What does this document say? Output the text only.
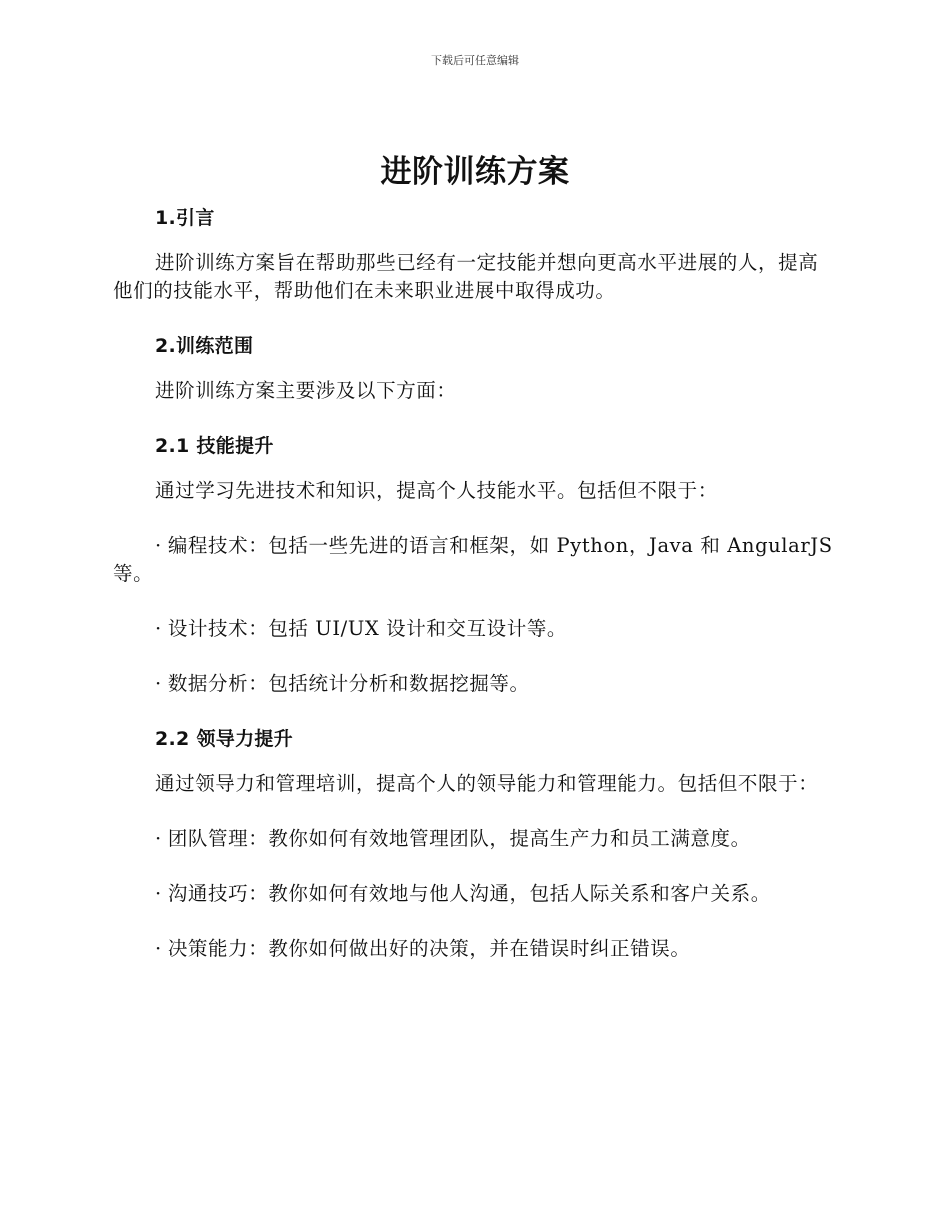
下载后可任意编辑
进阶训练方案
1.引言
进阶训练方案旨在帮助那些已经有一定技能并想向更高水平进展的人，提高他们的技能水平，帮助他们在未来职业进展中取得成功。
2.训练范围
进阶训练方案主要涉及以下方面：
2.1 技能提升
通过学习先进技术和知识，提高个人技能水平。包括但不限于：
· 编程技术：包括一些先进的语言和框架，如 Python，Java 和 AngularJS 等。
· 设计技术：包括 UI/UX 设计和交互设计等。
· 数据分析：包括统计分析和数据挖掘等。
2.2 领导力提升
通过领导力和管理培训，提高个人的领导能力和管理能力。包括但不限于：
· 团队管理：教你如何有效地管理团队，提高生产力和员工满意度。
· 沟通技巧：教你如何有效地与他人沟通，包括人际关系和客户关系。
· 决策能力：教你如何做出好的决策，并在错误时纠正错误。
